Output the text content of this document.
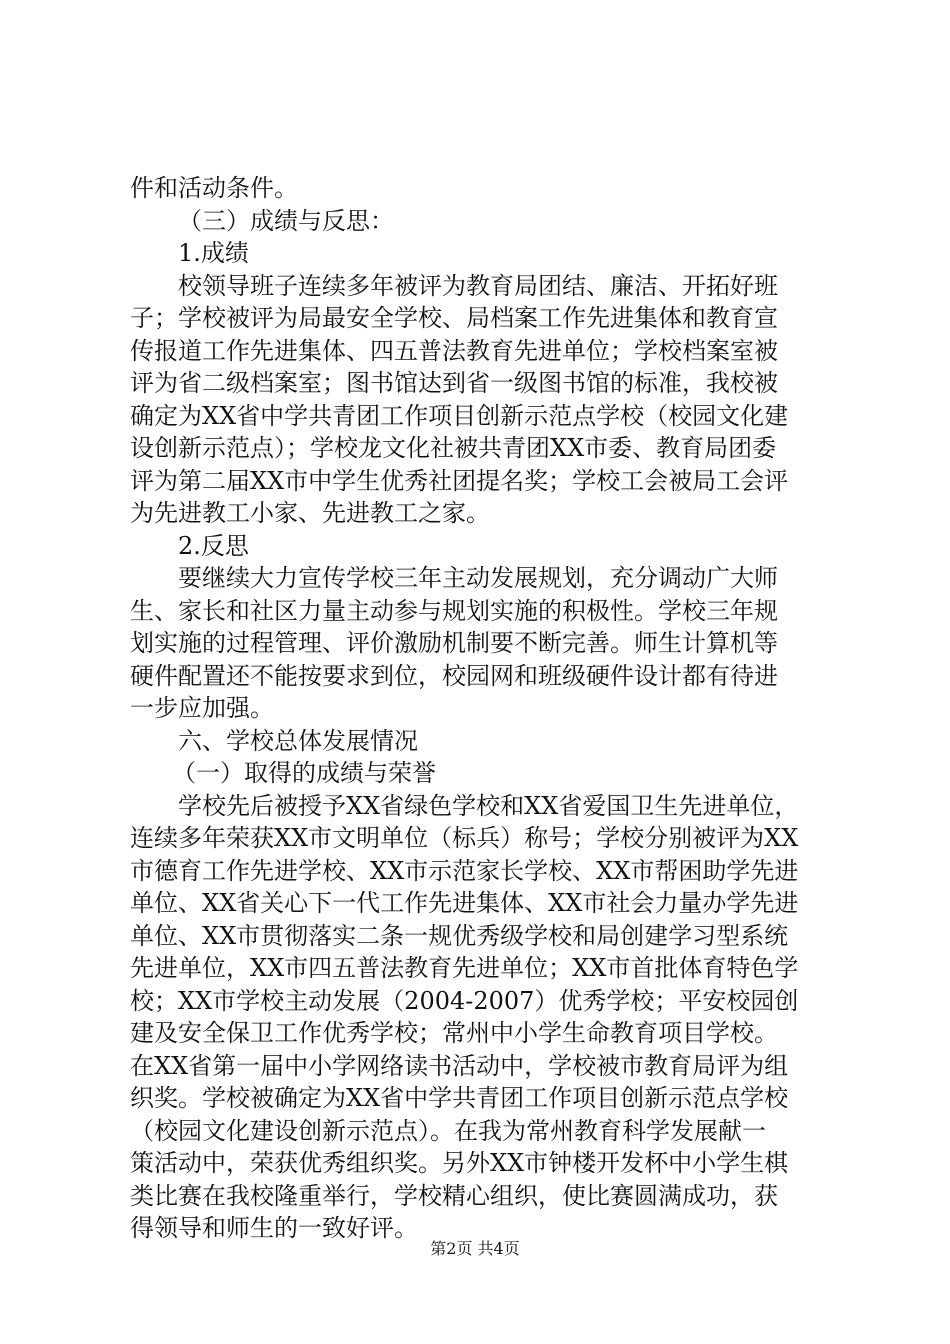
件和活动条件。
（三）成绩与反思：
1.成绩
校领导班子连续多年被评为教育局团结、廉洁、开拓好班
子；学校被评为局最安全学校、局档案工作先进集体和教育宣
传报道工作先进集体、四五普法教育先进单位；学校档案室被
评为省二级档案室；图书馆达到省一级图书馆的标准，我校被
确定为XX省中学共青团工作项目创新示范点学校（校园文化建
设创新示范点）；学校龙文化社被共青团XX市委、教育局团委
评为第二届XX市中学生优秀社团提名奖；学校工会被局工会评
为先进教工小家、先进教工之家。
2.反思
要继续大力宣传学校三年主动发展规划，充分调动广大师
生、家长和社区力量主动参与规划实施的积极性。学校三年规
划实施的过程管理、评价激励机制要不断完善。师生计算机等
硬件配置还不能按要求到位，校园网和班级硬件设计都有待进
一步应加强。
六、学校总体发展情况
（一）取得的成绩与荣誉
学校先后被授予XX省绿色学校和XX省爱国卫生先进单位，
连续多年荣获XX市文明单位（标兵）称号；学校分别被评为XX
市德育工作先进学校、XX市示范家长学校、XX市帮困助学先进
单位、XX省关心下一代工作先进集体、XX市社会力量办学先进
单位、XX市贯彻落实二条一规优秀级学校和局创建学习型系统
先进单位，XX市四五普法教育先进单位；XX市首批体育特色学
校；XX市学校主动发展（2004-2007）优秀学校；平安校园创
建及安全保卫工作优秀学校；常州中小学生命教育项目学校。
在XX省第一届中小学网络读书活动中，学校被市教育局评为组
织奖。学校被确定为XX省中学共青团工作项目创新示范点学校
（校园文化建设创新示范点）。在我为常州教育科学发展献一
策活动中，荣获优秀组织奖。另外XX市钟楼开发杯中小学生棋
类比赛在我校隆重举行，学校精心组织，使比赛圆满成功，获
得领导和师生的一致好评。
第2页 共4页
